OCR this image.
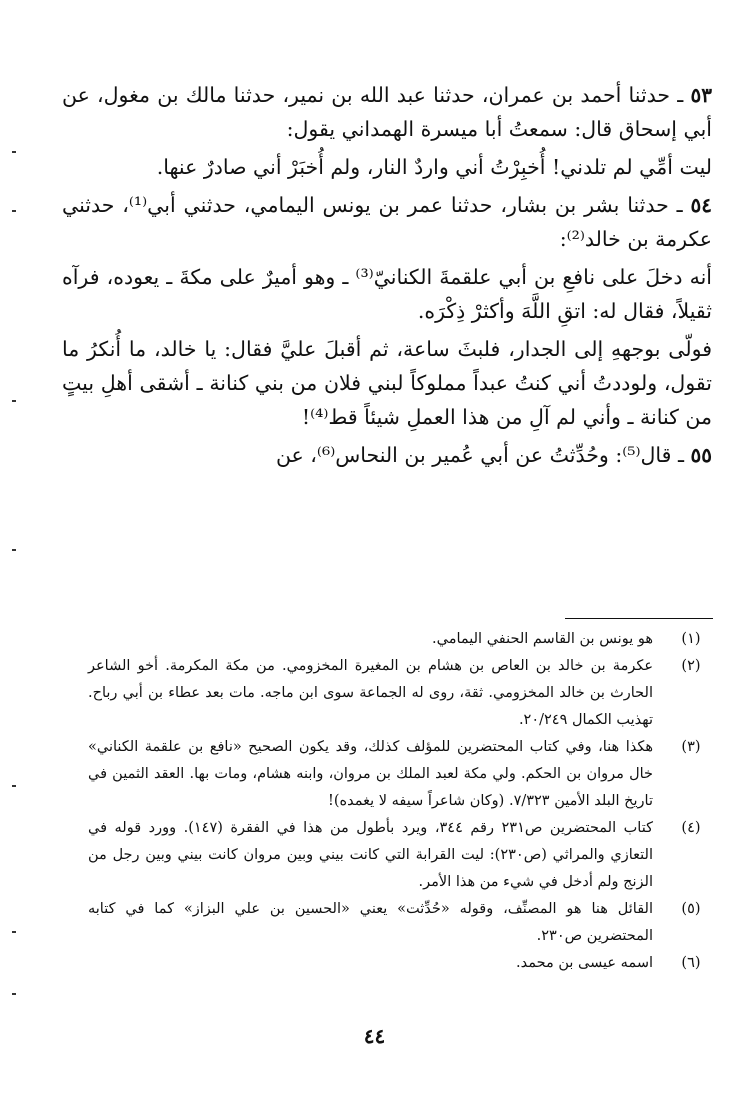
٥٣ ـ حدثنا أحمد بن عمران، حدثنا عبد الله بن نمير، حدثنا مالك بن مغول، عن أبي إسحاق قال: سمعتُ أبا ميسرة الهمداني يقول:

ليت أمِّي لم تلدني! أُخبِرْتُ أني واردٌ النار، ولم أُخبَرْ أني صادرٌ عنها.

٥٤ ـ حدثنا بشر بن بشار، حدثنا عمر بن يونس اليمامي، حدثني أبي⁽¹⁾، حدثني عكرمة بن خالد⁽²⁾:

أنه دخلَ على نافعِ بن أبي علقمةَ الكنانيّ⁽³⁾ ـ وهو أميرٌ على مكةَ ـ يعوده، فرآه ثقيلاً، فقال له: اتقِ اللَّهَ وأكثرْ ذِكْرَه.

فولّى بوجههِ إلى الجدار، فلبثَ ساعة، ثم أقبلَ عليَّ فقال: يا خالد، ما أُنكرُ ما تقول، ولوددتُ أني كنتُ عبداً مملوكاً لبني فلان من بني كنانة ـ أشقى أهلِ بيتٍ من كنانة ـ وأني لم آلِ من هذا العملِ شيئاً قط⁽⁴⁾!

٥٥ ـ قال⁽⁵⁾: وحُدِّثتُ عن أبي عُمير بن النحاس⁽⁶⁾، عن

(١)
هو يونس بن القاسم الحنفي اليمامي.
(٢)
عكرمة بن خالد بن العاص بن هشام بن المغيرة المخزومي. من مكة المكرمة. أخو الشاعر الحارث بن خالد المخزومي. ثقة، روى له الجماعة سوى ابن ماجه. مات بعد عطاء بن أبي رباح. تهذيب الكمال ٢٠/٢٤٩.
(٣)
هكذا هنا، وفي كتاب المحتضرين للمؤلف كذلك، وقد يكون الصحيح «نافع بن علقمة الكناني» خال مروان بن الحكم. ولي مكة لعبد الملك بن مروان، وابنه هشام، ومات بها. العقد الثمين في تاريخ البلد الأمين ٧/٣٢٣. (وكان شاعراً سيفه لا يغمده)!
(٤)
كتاب المحتضرين ص٢٣١ رقم ٣٤٤، ويرد بأطول من هذا في الفقرة (١٤٧). وورد قوله في التعازي والمراثي (ص٢٣٠): ليت القرابة التي كانت بيني وبين مروان كانت بيني وبين رجل من الزنج ولم أدخل في شيء من هذا الأمر.
(٥)
القائل هنا هو المصنِّف، وقوله «حُدِّثت» يعني «الحسين بن علي البزاز» كما في كتابه المحتضرين ص٢٣٠.
(٦)
اسمه عيسى بن محمد.
٤٤
